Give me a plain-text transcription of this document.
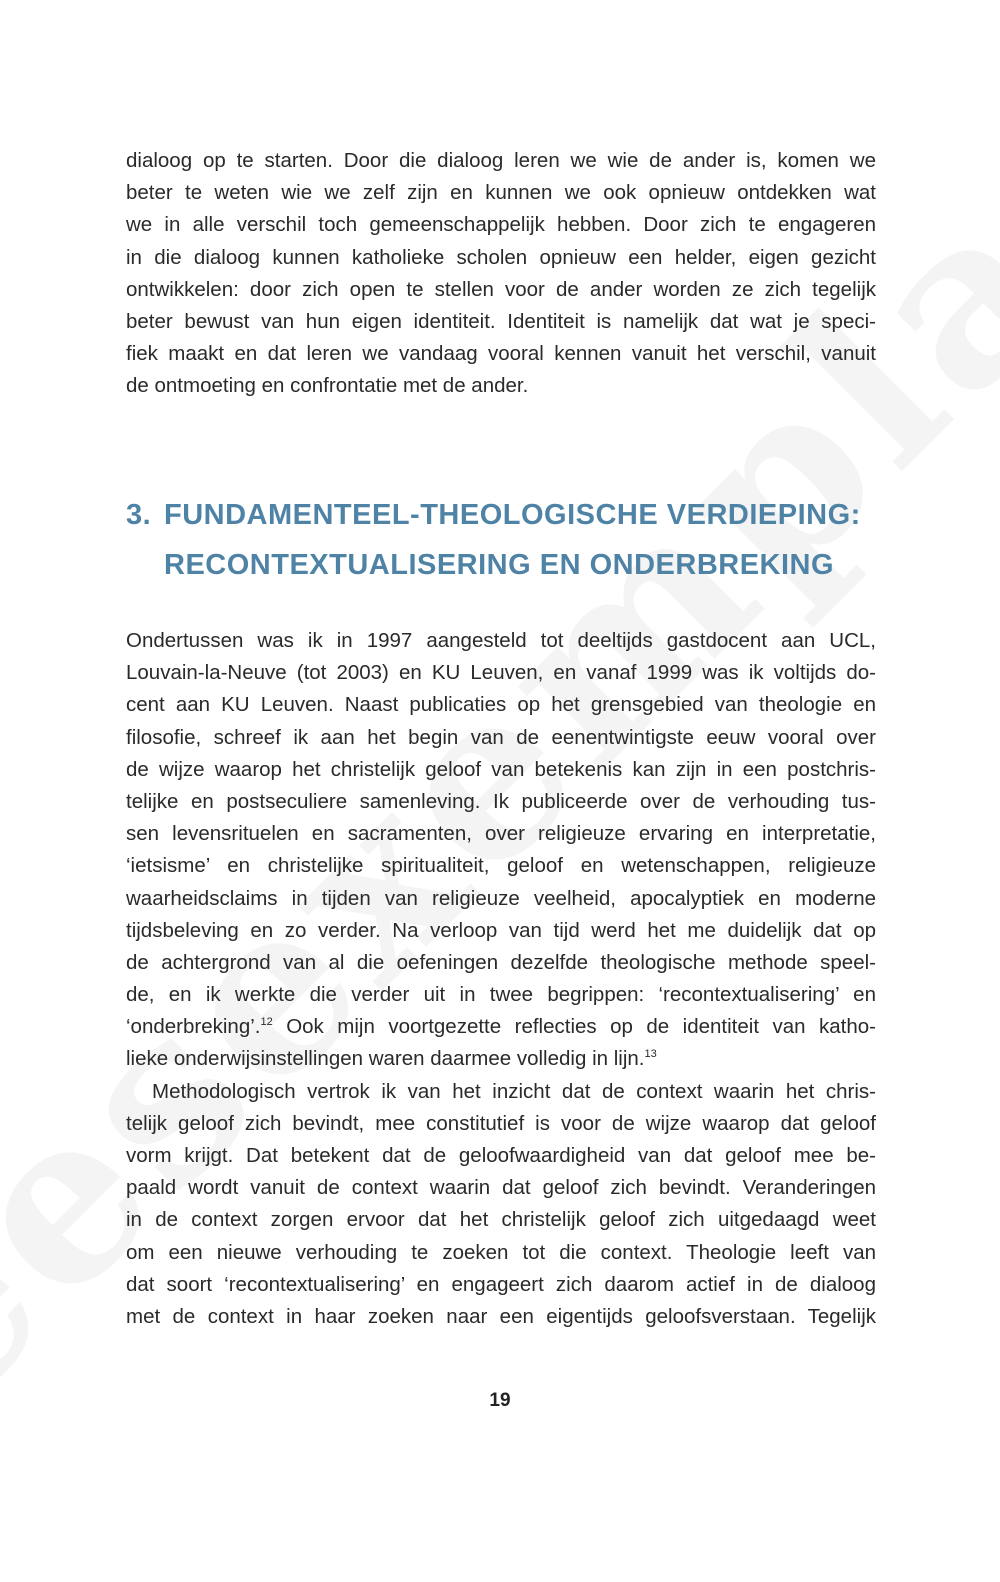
dialoog op te starten. Door die dialoog leren we wie de ander is, komen we
beter te weten wie we zelf zijn en kunnen we ook opnieuw ontdekken wat
we in alle verschil toch gemeenschappelijk hebben. Door zich te engageren
in die dialoog kunnen katholieke scholen opnieuw een helder, eigen gezicht
ontwikkelen: door zich open te stellen voor de ander worden ze zich tegelijk
beter bewust van hun eigen identiteit. Identiteit is namelijk dat wat je speci-
fiek maakt en dat leren we vandaag vooral kennen vanuit het verschil, vanuit
de ontmoeting en confrontatie met de ander.
3. FUNDAMENTEEL-THEOLOGISCHE VERDIEPING:
RECONTEXTUALISERING EN ONDERBREKING
Ondertussen was ik in 1997 aangesteld tot deeltijds gastdocent aan UCL,
Louvain-la-Neuve (tot 2003) en KU Leuven, en vanaf 1999 was ik voltijds do-
cent aan KU Leuven. Naast publicaties op het grensgebied van theologie en
filosofie, schreef ik aan het begin van de eenentwintigste eeuw vooral over
de wijze waarop het christelijk geloof van betekenis kan zijn in een postchris-
telijke en postseculiere samenleving. Ik publiceerde over de verhouding tus-
sen levensrituelen en sacramenten, over religieuze ervaring en interpretatie,
‘ietsisme’ en christelijke spiritualiteit, geloof en wetenschappen, religieuze
waarheidsclaims in tijden van religieuze veelheid, apocalyptiek en moderne
tijdsbeleving en zo verder. Na verloop van tijd werd het me duidelijk dat op
de achtergrond van al die oefeningen dezelfde theologische methode speel-
de, en ik werkte die verder uit in twee begrippen: ‘recontextualisering’ en
‘onderbreking’.$^{12}$ Ook mijn voortgezette reflecties op de identiteit van katho-
lieke onderwijsinstellingen waren daarmee volledig in lijn.$^{13}$
Methodologisch vertrok ik van het inzicht dat de context waarin het chris-
telijk geloof zich bevindt, mee constitutief is voor de wijze waarop dat geloof
vorm krijgt. Dat betekent dat de geloofwaardigheid van dat geloof mee be-
paald wordt vanuit de context waarin dat geloof zich bevindt. Veranderingen
in de context zorgen ervoor dat het christelijk geloof zich uitgedaagd weet
om een nieuwe verhouding te zoeken tot die context. Theologie leeft van
dat soort ‘recontextualisering’ en engageert zich daarom actief in de dialoog
met de context in haar zoeken naar een eigentijds geloofsverstaan. Tegelijk
19
